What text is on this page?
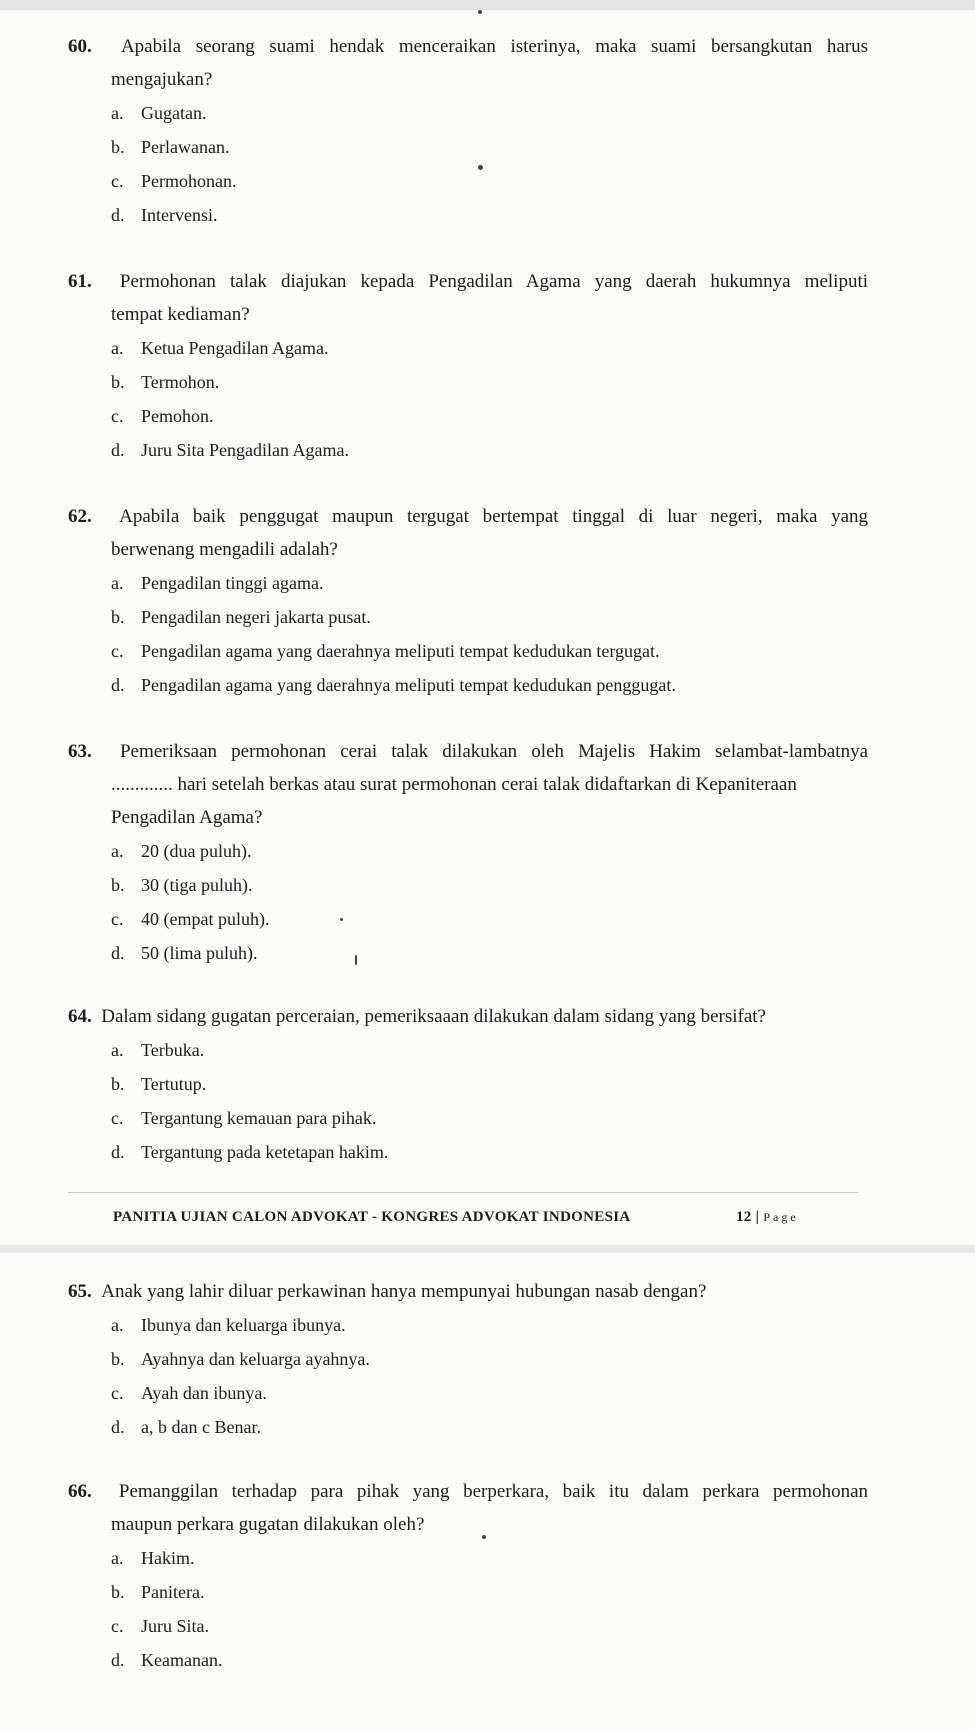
60. Apabila seorang suami hendak menceraikan isterinya, maka suami bersangkutan harus
mengajukan?
a. Gugatan.
b. Perlawanan.
c. Permohonan.
d. Intervensi.
61. Permohonan talak diajukan kepada Pengadilan Agama yang daerah hukumnya meliputi
tempat kediaman?
a. Ketua Pengadilan Agama.
b. Termohon.
c. Pemohon.
d. Juru Sita Pengadilan Agama.
62. Apabila baik penggugat maupun tergugat bertempat tinggal di luar negeri, maka yang
berwenang mengadili adalah?
a. Pengadilan tinggi agama.
b. Pengadilan negeri jakarta pusat.
c. Pengadilan agama yang daerahnya meliputi tempat kedudukan tergugat.
d. Pengadilan agama yang daerahnya meliputi tempat kedudukan penggugat.
63. Pemeriksaan permohonan cerai talak dilakukan oleh Majelis Hakim selambat-lambatnya
............. hari setelah berkas atau surat permohonan cerai talak didaftarkan di Kepaniteraan
Pengadilan Agama?
a. 20 (dua puluh).
b. 30 (tiga puluh).
c. 40 (empat puluh).
d. 50 (lima puluh).
64. Dalam sidang gugatan perceraian, pemeriksaaan dilakukan dalam sidang yang bersifat?
a. Terbuka.
b. Tertutup.
c. Tergantung kemauan para pihak.
d. Tergantung pada ketetapan hakim.
PANITIA UJIAN CALON ADVOKAT - KONGRES ADVOKAT INDONESIA	12 | Page
65. Anak yang lahir diluar perkawinan hanya mempunyai hubungan nasab dengan?
a. Ibunya dan keluarga ibunya.
b. Ayahnya dan keluarga ayahnya.
c. Ayah dan ibunya.
d. a, b dan c Benar.
66. Pemanggilan terhadap para pihak yang berperkara, baik itu dalam perkara permohonan
maupun perkara gugatan dilakukan oleh?
a. Hakim.
b. Panitera.
c. Juru Sita.
d. Keamanan.
